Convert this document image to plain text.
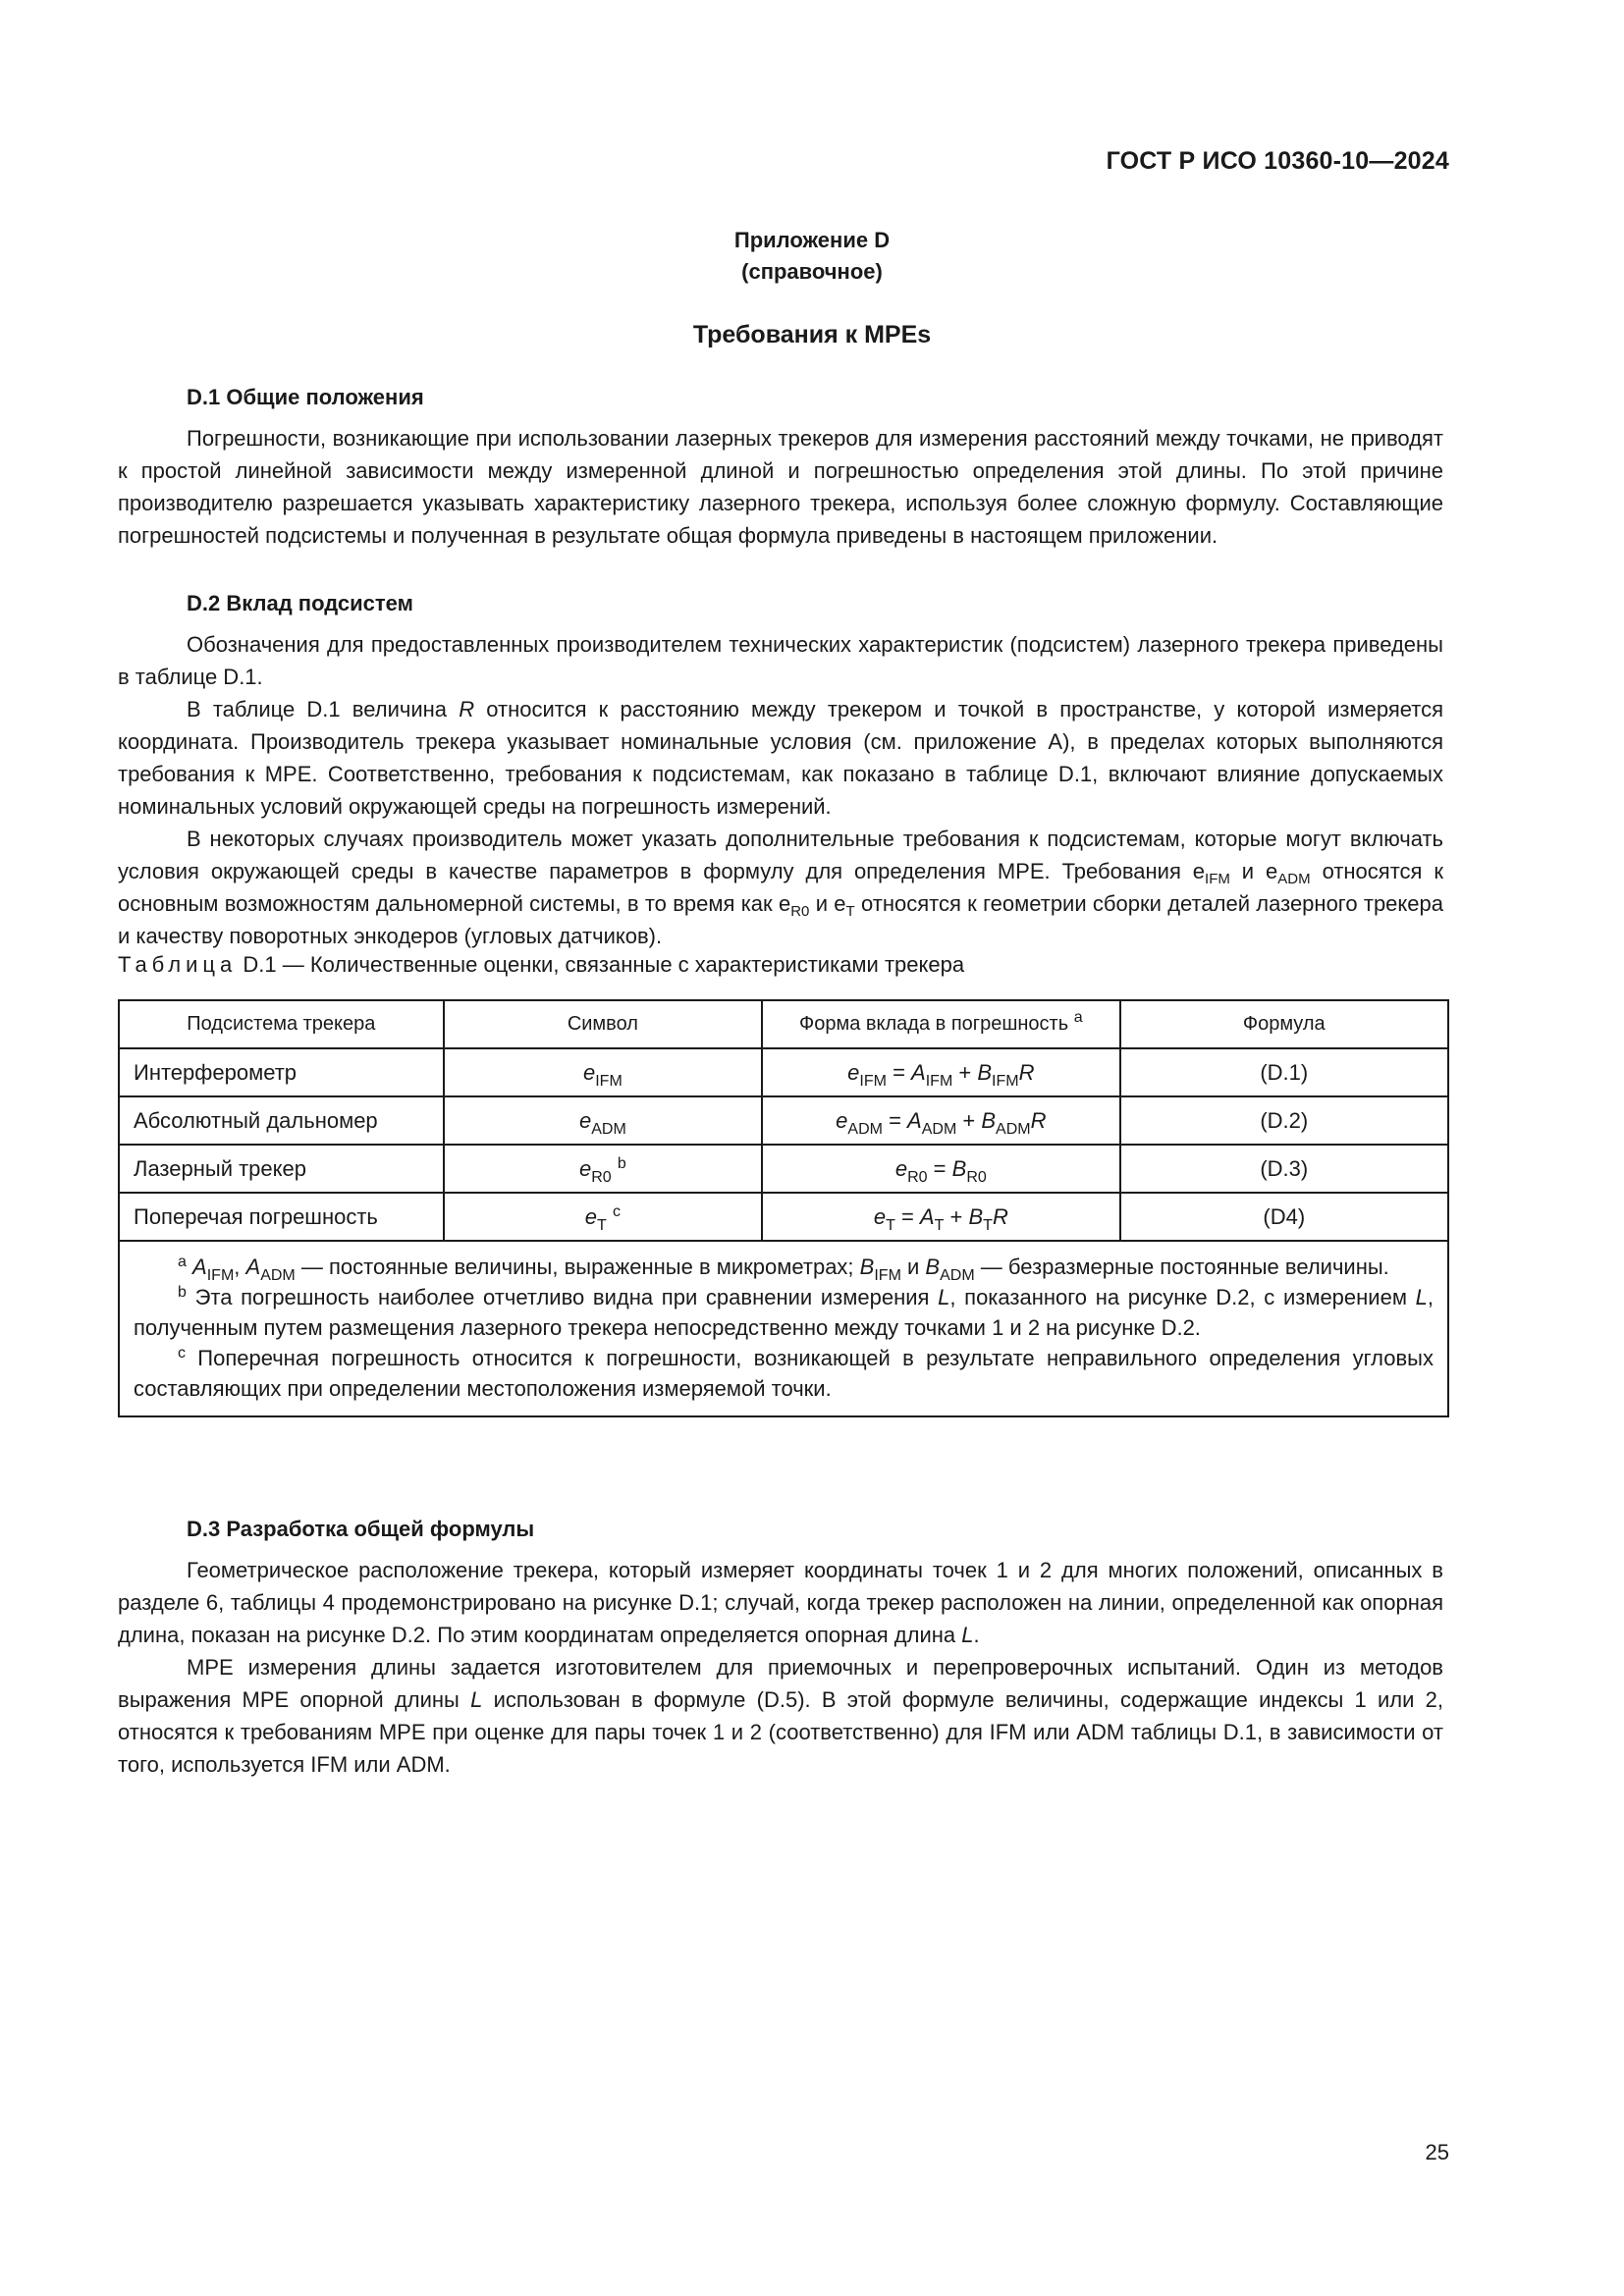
ГОСТ Р ИСО 10360-10—2024
Приложение D
(справочное)
Требования к MPEs
D.1 Общие положения

Погрешности, возникающие при использовании лазерных трекеров для измерения расстояний между точками, не приводят к простой линейной зависимости между измеренной длиной и погрешностью определения этой длины. По этой причине производителю разрешается указывать характеристику лазерного трекера, используя более сложную формулу. Составляющие погрешностей подсистемы и полученная в результате общая формула приведены в настоящем приложении.

D.2 Вклад подсистем

Обозначения для предоставленных производителем технических характеристик (подсистем) лазерного трекера приведены в таблице D.1.

В таблице D.1 величина R относится к расстоянию между трекером и точкой в пространстве, у которой измеряется координата. Производитель трекера указывает номинальные условия (см. приложение А), в пределах которых выполняются требования к MPE. Соответственно, требования к подсистемам, как показано в таблице D.1, включают влияние допускаемых номинальных условий окружающей среды на погрешность измерений.

В некоторых случаях производитель может указать дополнительные требования к подсистемам, которые могут включать условия окружающей среды в качестве параметров в формулу для определения MPE. Требования $e_{IFM}$ и $e_{ADM}$ относятся к основным возможностям дальномерной системы, в то время как $e_{R0}$ и $e_T$ относятся к геометрии сборки деталей лазерного трекера и качеству поворотных энкодеров (угловых датчиков).

Таблица D.1 — Количественные оценки, связанные с характеристиками трекера
Подсистема трекера	Символ	Форма вклада в погрешность $^a$	Формула
Интерферометр	$e_{IFM}$	$e_{IFM} = A_{IFM} + B_{IFM}R$	(D.1)
Абсолютный дальномер	$e_{ADM}$	$e_{ADM} = A_{ADM} + B_{ADM}R$	(D.2)
Лазерный трекер	$e_{R0}$ $^b$	$e_{R0} = B_{R0}$	(D.3)
Поперечая погрешность	$e_T$ $^c$	$e_T = A_T + B_TR$	(D4)

$^a$ $A_{IFM}$, $A_{ADM}$ — постоянные величины, выраженные в микрометрах; $B_{IFM}$ и $B_{ADM}$ — безразмерные постоянные величины.

$^b$ Эта погрешность наиболее отчетливо видна при сравнении измерения L, показанного на рисунке D.2, с измерением L, полученным путем размещения лазерного трекера непосредственно между точками 1 и 2 на рисунке D.2.

$^c$ Поперечная погрешность относится к погрешности, возникающей в результате неправильного определения угловых составляющих при определении местоположения измеряемой точки.			

D.3 Разработка общей формулы

Геометрическое расположение трекера, который измеряет координаты точек 1 и 2 для многих положений, описанных в разделе 6, таблицы 4 продемонстрировано на рисунке D.1; случай, когда трекер расположен на линии, определенной как опорная длина, показан на рисунке D.2. По этим координатам определяется опорная длина L.

MPE измерения длины задается изготовителем для приемочных и перепроверочных испытаний. Один из методов выражения MPE опорной длины L использован в формуле (D.5). В этой формуле величины, содержащие индексы 1 или 2, относятся к требованиям MPE при оценке для пары точек 1 и 2 (соответственно) для IFM или ADM таблицы D.1, в зависимости от того, используется IFM или ADM.

25
